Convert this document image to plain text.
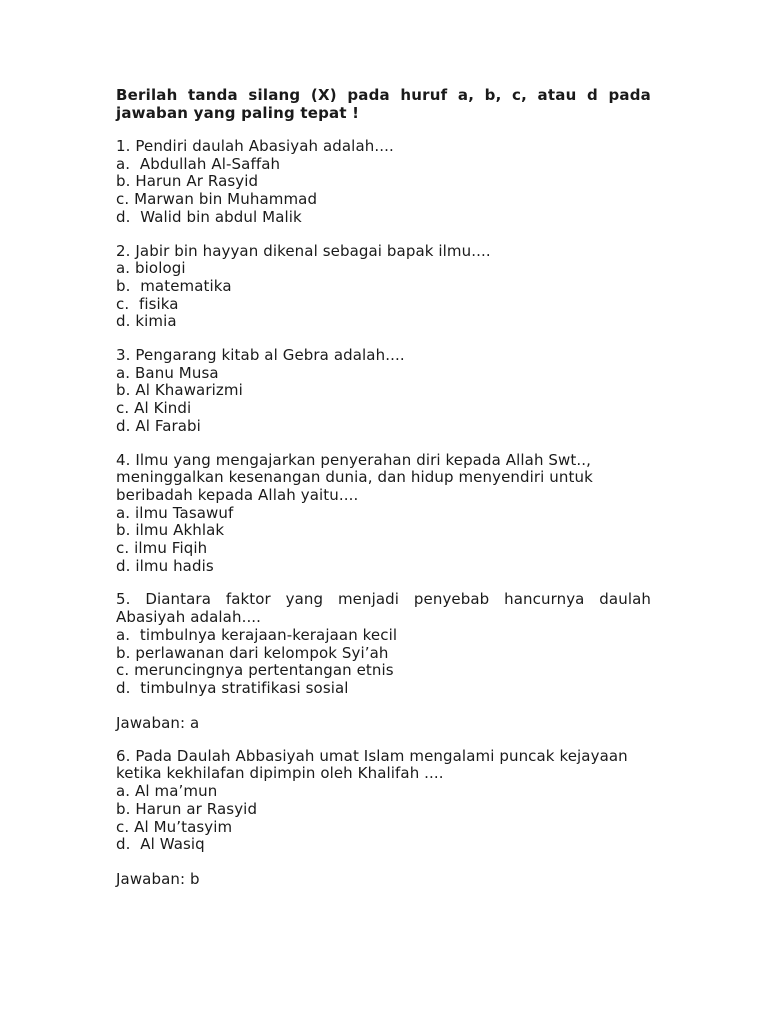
Berilah tanda silang (X) pada huruf a, b, c, atau d pada jawaban yang paling tepat !
1. Pendiri daulah Abasiyah adalah....
a.  Abdullah Al-Saffah
b. Harun Ar Rasyid
c. Marwan bin Muhammad
d.  Walid bin abdul Malik
2. Jabir bin hayyan dikenal sebagai bapak ilmu....
a. biologi
b.  matematika
c.  fisika
d. kimia
3. Pengarang kitab al Gebra adalah....
a. Banu Musa
b. Al Khawarizmi
c. Al Kindi
d. Al Farabi
4. Ilmu yang mengajarkan penyerahan diri kepada Allah Swt.., meninggalkan kesenangan dunia, dan hidup menyendiri untuk beribadah kepada Allah yaitu....
a. ilmu Tasawuf
b. ilmu Akhlak
c. ilmu Fiqih
d. ilmu hadis
5. Diantara faktor yang menjadi penyebab hancurnya daulah Abasiyah adalah....
a.  timbulnya kerajaan-kerajaan kecil
b. perlawanan dari kelompok Syi’ah
c. meruncingnya pertentangan etnis
d.  timbulnya stratifikasi sosial
Jawaban: a
6. Pada Daulah Abbasiyah umat Islam mengalami puncak kejayaan ketika kekhilafan dipimpin oleh Khalifah ....
a. Al ma’mun
b. Harun ar Rasyid
c. Al Mu’tasyim
d.  Al Wasiq
Jawaban: b
